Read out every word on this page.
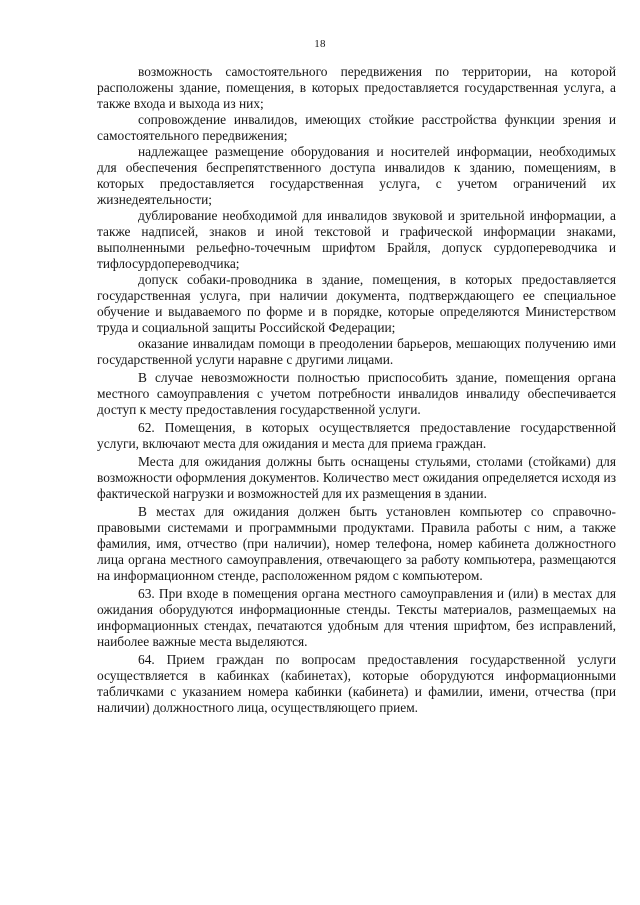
18

возможность самостоятельного передвижения по территории, на которой расположены здание, помещения, в которых предоставляется государственная услуга, а также входа и выхода из них;

сопровождение инвалидов, имеющих стойкие расстройства функции зрения и самостоятельного передвижения;

надлежащее размещение оборудования и носителей информации, необходимых для обеспечения беспрепятственного доступа инвалидов к зданию, помещениям, в которых предоставляется государственная услуга, с учетом ограничений их жизнедеятельности;

дублирование необходимой для инвалидов звуковой и зрительной информации, а также надписей, знаков и иной текстовой и графической информации знаками, выполненными рельефно-точечным шрифтом Брайля, допуск сурдопереводчика и тифлосурдопереводчика;

допуск собаки-проводника в здание, помещения, в которых предоставляется государственная услуга, при наличии документа, подтверждающего ее специальное обучение и выдаваемого по форме и в порядке, которые определяются Министерством труда и социальной защиты Российской Федерации;

оказание инвалидам помощи в преодолении барьеров, мешающих получению ими государственной услуги наравне с другими лицами.

В случае невозможности полностью приспособить здание, помещения органа местного самоуправления с учетом потребности инвалидов инвалиду обеспечивается доступ к месту предоставления государственной услуги.

62. Помещения, в которых осуществляется предоставление государственной услуги, включают места для ожидания и места для приема граждан.

Места для ожидания должны быть оснащены стульями, столами (стойками) для возможности оформления документов. Количество мест ожидания определяется исходя из фактической нагрузки и возможностей для их размещения в здании.

В местах для ожидания должен быть установлен компьютер со справочно-правовыми системами и программными продуктами. Правила работы с ним, а также фамилия, имя, отчество (при наличии), номер телефона, номер кабинета должностного лица органа местного самоуправления, отвечающего за работу компьютера, размещаются на информационном стенде, расположенном рядом с компьютером.

63. При входе в помещения органа местного самоуправления и (или) в местах для ожидания оборудуются информационные стенды. Тексты материалов, размещаемых на информационных стендах, печатаются удобным для чтения шрифтом, без исправлений, наиболее важные места выделяются.

64. Прием граждан по вопросам предоставления государственной услуги осуществляется в кабинках (кабинетах), которые оборудуются информационными табличками с указанием номера кабинки (кабинета) и фамилии, имени, отчества (при наличии) должностного лица, осуществляющего прием.
